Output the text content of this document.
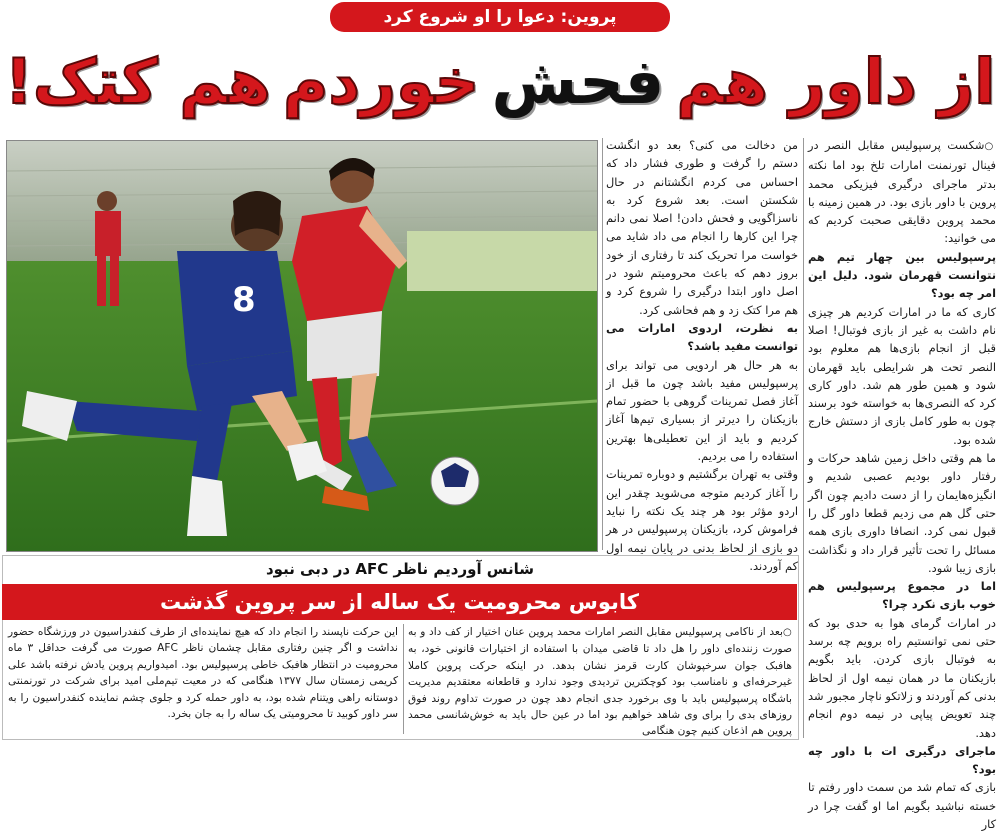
پروین: دعوا را او شروع کرد
از داور هم
فحش
خوردم
هم کتک!
8

من دخالت می کنی؟ بعد دو انگشت دستم را گرفت و طوری فشار داد که احساس می کردم انگشتانم در حال شکستن است. بعد شروع کرد به ناسزاگویی و فحش دادن! اصلا نمی دانم چرا این کارها را انجام می داد شاید می خواست مرا تحریک کند تا رفتاری از خود بروز دهم که باعث محرومیتم شود در اصل داور ابتدا درگیری را شروع کرد و هم مرا کتک زد و هم فحاشی کرد.

به نظرت، اردوی امارات می توانست مفید باشد؟

به هر حال هر اردویی می تواند برای پرسپولیس مفید باشد چون ما قبل از آغاز فصل تمرینات گروهی با حضور تمام بازیکنان را دیرتر از بسیاری تیم‌ها آغاز کردیم و باید از این تعطیلی‌ها بهترین استفاده را می بردیم.

وقتی به تهران برگشتیم و دوباره تمرینات را آغاز کردیم متوجه می‌شوید چقدر این اردو مؤثر بود هر چند یک نکته را نباید فراموش کرد، بازیکنان پرسپولیس در هر دو بازی از لحاظ بدنی در پایان نیمه اول کم آوردند.

○شکست پرسپولیس مقابل النصر در فینال تورنمنت امارات تلخ بود اما نکته بدتر ماجرای درگیری فیزیکی محمد پروین با داور بازی بود. در همین زمینه با محمد پروین دقایقی صحبت کردیم که می خوانید:

پرسپولیس بین چهار تیم هم نتوانست قهرمان شود. دلیل این امر چه بود؟

کاری که ما در امارات کردیم هر چیزی نام داشت به غیر از بازی فوتبال! اصلا قبل از انجام بازی‌ها هم معلوم بود النصر تحت هر شرایطی باید قهرمان شود و همین طور هم شد. داور کاری کرد که النصری‌ها به خواسته خود برسند چون به طور کامل بازی از دستش خارج شده بود.

ما هم وقتی داخل زمین شاهد حرکات و رفتار داور بودیم عصبی شدیم و انگیزه‌هایمان را از دست دادیم چون اگر حتی گل هم می زدیم قطعا داور گل را قبول نمی کرد. انصافا داوری بازی همه مسائل را تحت تأثیر قرار داد و نگذاشت بازی زیبا شود.

اما در مجموع پرسپولیس هم خوب بازی نکرد چرا؟

در امارات گرمای هوا به حدی بود که حتی نمی توانستیم راه برویم چه برسد به فوتبال بازی کردن. باید بگویم بازیکنان ما در همان نیمه اول از لحاظ بدنی کم آوردند و زلاتکو ناچار مجبور شد چند تعویض پیاپی در نیمه دوم انجام دهد.

ماجرای درگیری ات با داور چه بود؟

بازی که تمام شد من سمت داور رفتم تا خسته نباشید بگویم اما او گفت چرا در کار

شانس آوردیم ناظر AFC در دبی نبود
کابوس محرومیت یک ساله از سر پروین گذشت

○بعد از ناکامی پرسپولیس مقابل النصر امارات محمد پروین عنان اختیار از کف داد و به صورت زننده‌ای داور را هل داد تا قاضی میدان با استفاده از اختیارات قانونی خود، به هافبک جوان سرخپوشان کارت قرمز نشان بدهد. در اینکه حرکت پروین کاملا غیرحرفه‌ای و نامناسب بود کوچکترین تردیدی وجود ندارد و قاطعانه معتقدیم مدیریت باشگاه پرسپولیس باید با وی برخورد جدی انجام دهد چون در صورت تداوم روند فوق روزهای بدی را برای وی شاهد خواهیم بود اما در عین حال باید به خوش‌شانسی محمد پروین هم اذعان کنیم چون هنگامی

این حرکت ناپسند را انجام داد که هیچ نماینده‌ای از طرف کنفدراسیون در ورزشگاه حضور نداشت و اگر چنین رفتاری مقابل چشمان ناظر AFC صورت می گرفت حداقل ۳ ماه محرومیت در انتظار هافبک خاطی پرسپولیس بود. امیدواریم پروین یادش نرفته باشد علی کریمی زمستان سال ۱۳۷۷ هنگامی که در معیت تیم‌ملی امید برای شرکت در تورنمنتی دوستانه راهی ویتنام شده بود، به داور حمله کرد و جلوی چشم نماینده کنفدراسیون را به سر داور کوبید تا محرومیتی یک ساله را به جان بخرد.
